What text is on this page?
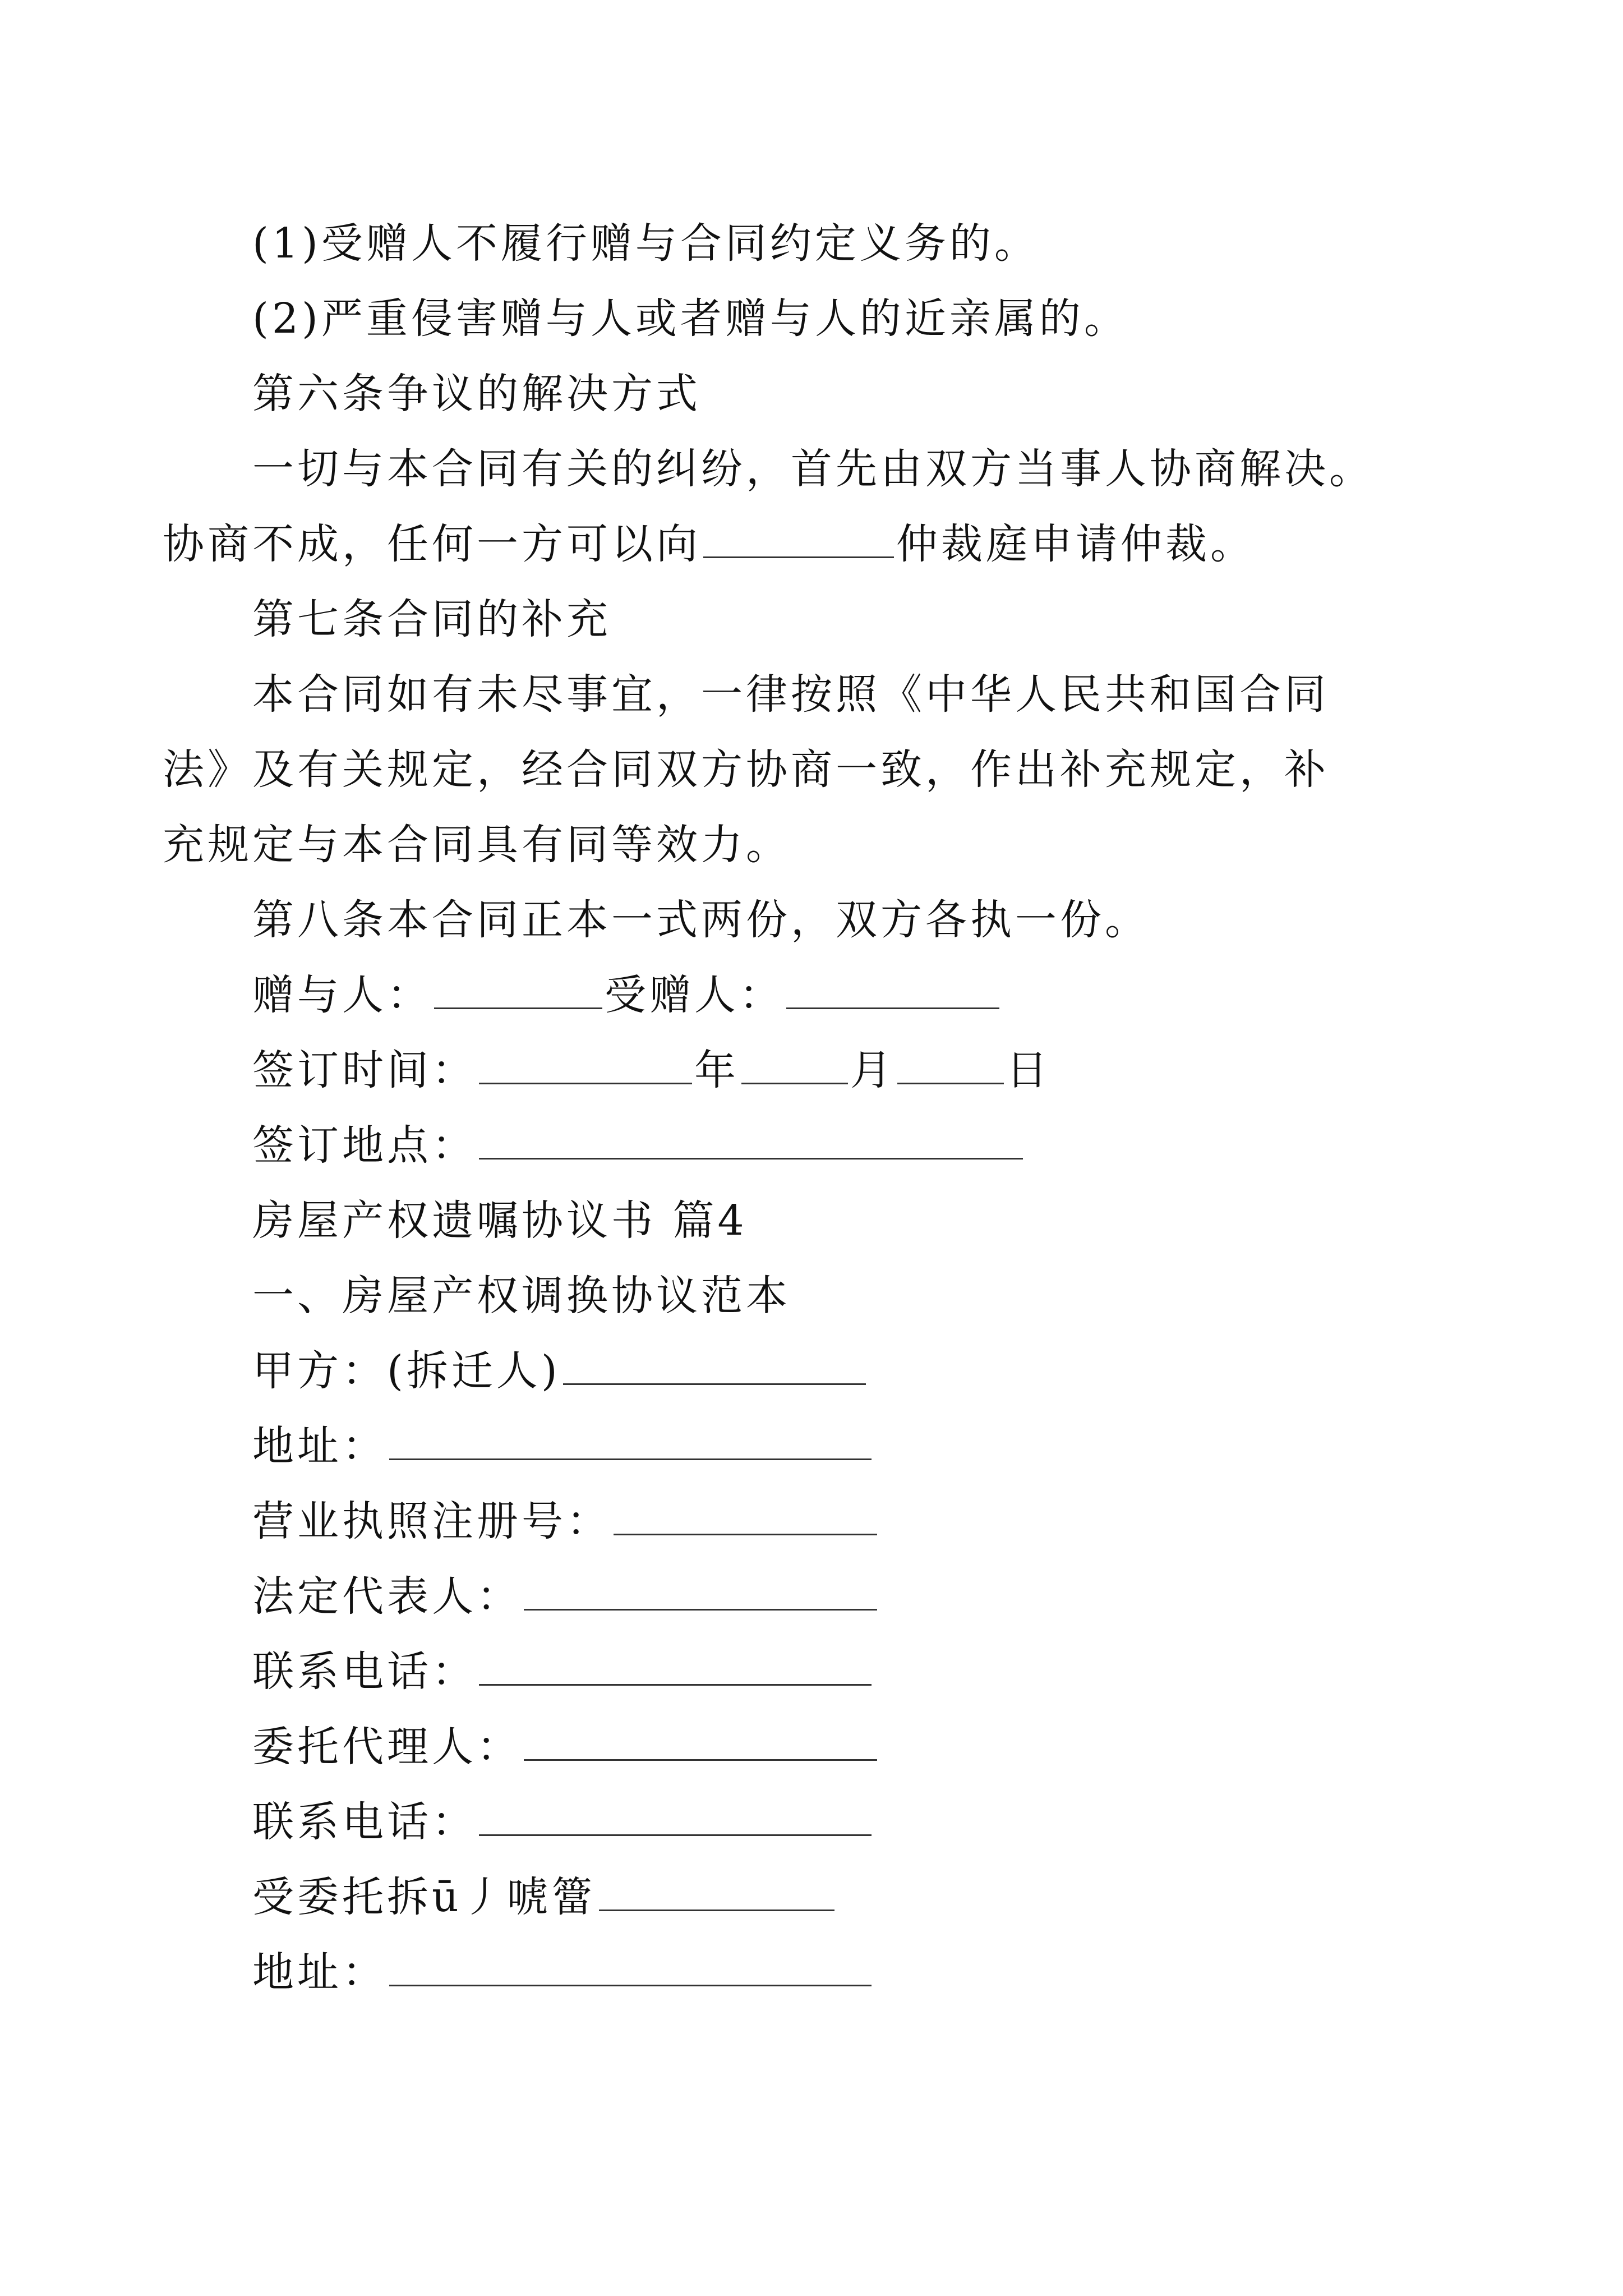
(1)受赠人不履行赠与合同约定义务的。
(2)严重侵害赠与人或者赠与人的近亲属的。
第六条争议的解决方式
一切与本合同有关的纠纷，首先由双方当事人协商解决。
协商不成，任何一方可以向	仲裁庭申请仲裁。
第七条合同的补充
本合同如有未尽事宜，一律按照《中华人民共和国合同
法》及有关规定，经合同双方协商一致，作出补充规定，补
充规定与本合同具有同等效力。
第八条本合同正本一式两份，双方各执一份。
赠与人：	受赠人：
签订时间：	年	月	日
签订地点：
房屋产权遗嘱协议书 篇4
一、房屋产权调换协议范本
甲方：(拆迁人)
地址：
营业执照注册号：
法定代表人：
联系电话：
委托代理人：
联系电话：
受委托拆ū丿唬簹
地址：
